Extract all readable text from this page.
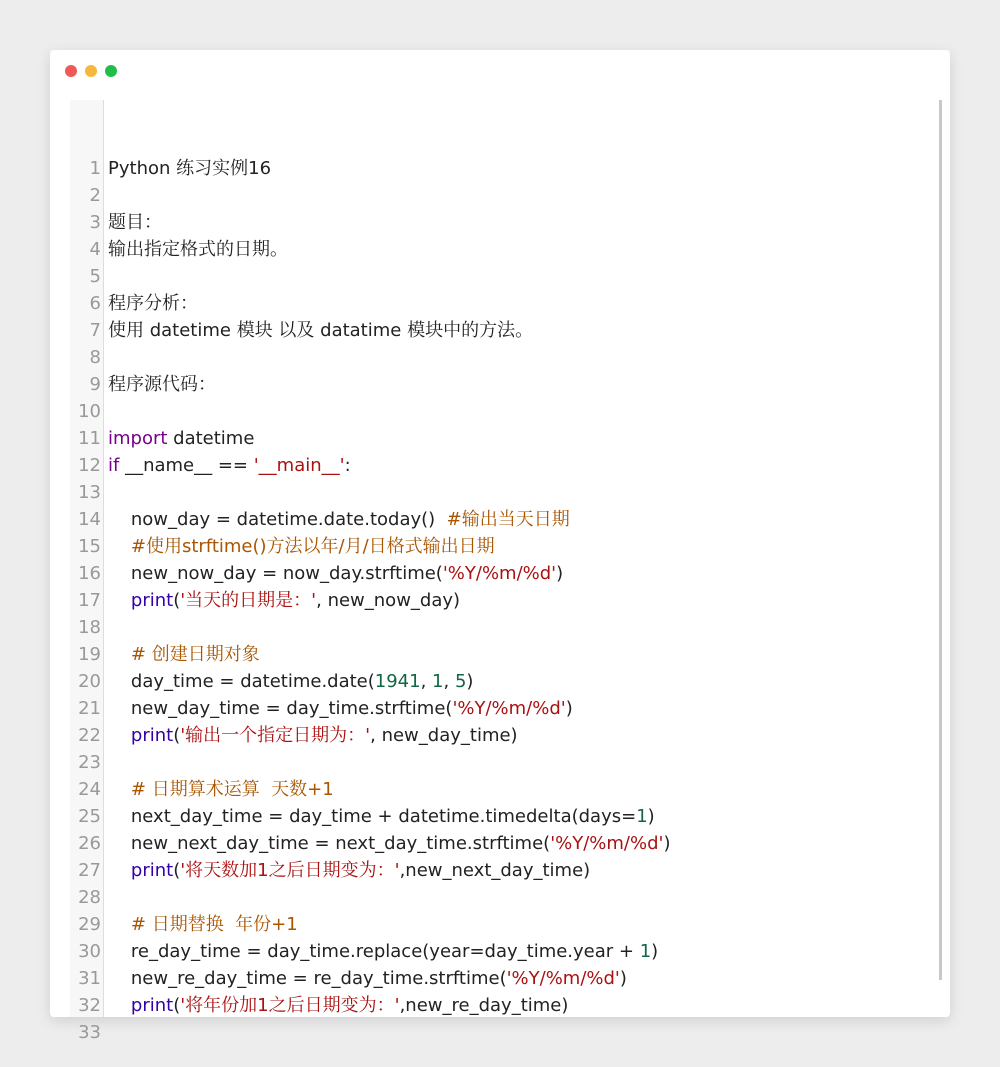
1 Python 练习实例16
2
3 题目：
4 输出指定格式的日期。
5
6 程序分析：
7 使用 datetime 模块 以及 datatime 模块中的方法。
8
9 程序源代码：
10
11 import datetime
12 if __name__ == '__main__':
13
14 now_day = datetime.date.today()  #输出当天日期
15	#使用strftime()方法以年/月/日格式输出日期
16 new_now_day = now_day.strftime('%Y/%m/%d')
17	print('当天的日期是：', new_now_day)
18
19	# 创建日期对象
20 day_time = datetime.date(1941, 1, 5)
21 new_day_time = day_time.strftime('%Y/%m/%d')
22	print('输出一个指定日期为：', new_day_time)
23
24	# 日期算术运算  天数+1
25 next_day_time = day_time + datetime.timedelta(days=1)
26 new_next_day_time = next_day_time.strftime('%Y/%m/%d')
27	print('将天数加1之后日期变为：',new_next_day_time)
28
29	# 日期替换  年份+1
30 re_day_time = day_time.replace(year=day_time.year + 1)
31 new_re_day_time = re_day_time.strftime('%Y/%m/%d')
32	print('将年份加1之后日期变为：',new_re_day_time)
33
